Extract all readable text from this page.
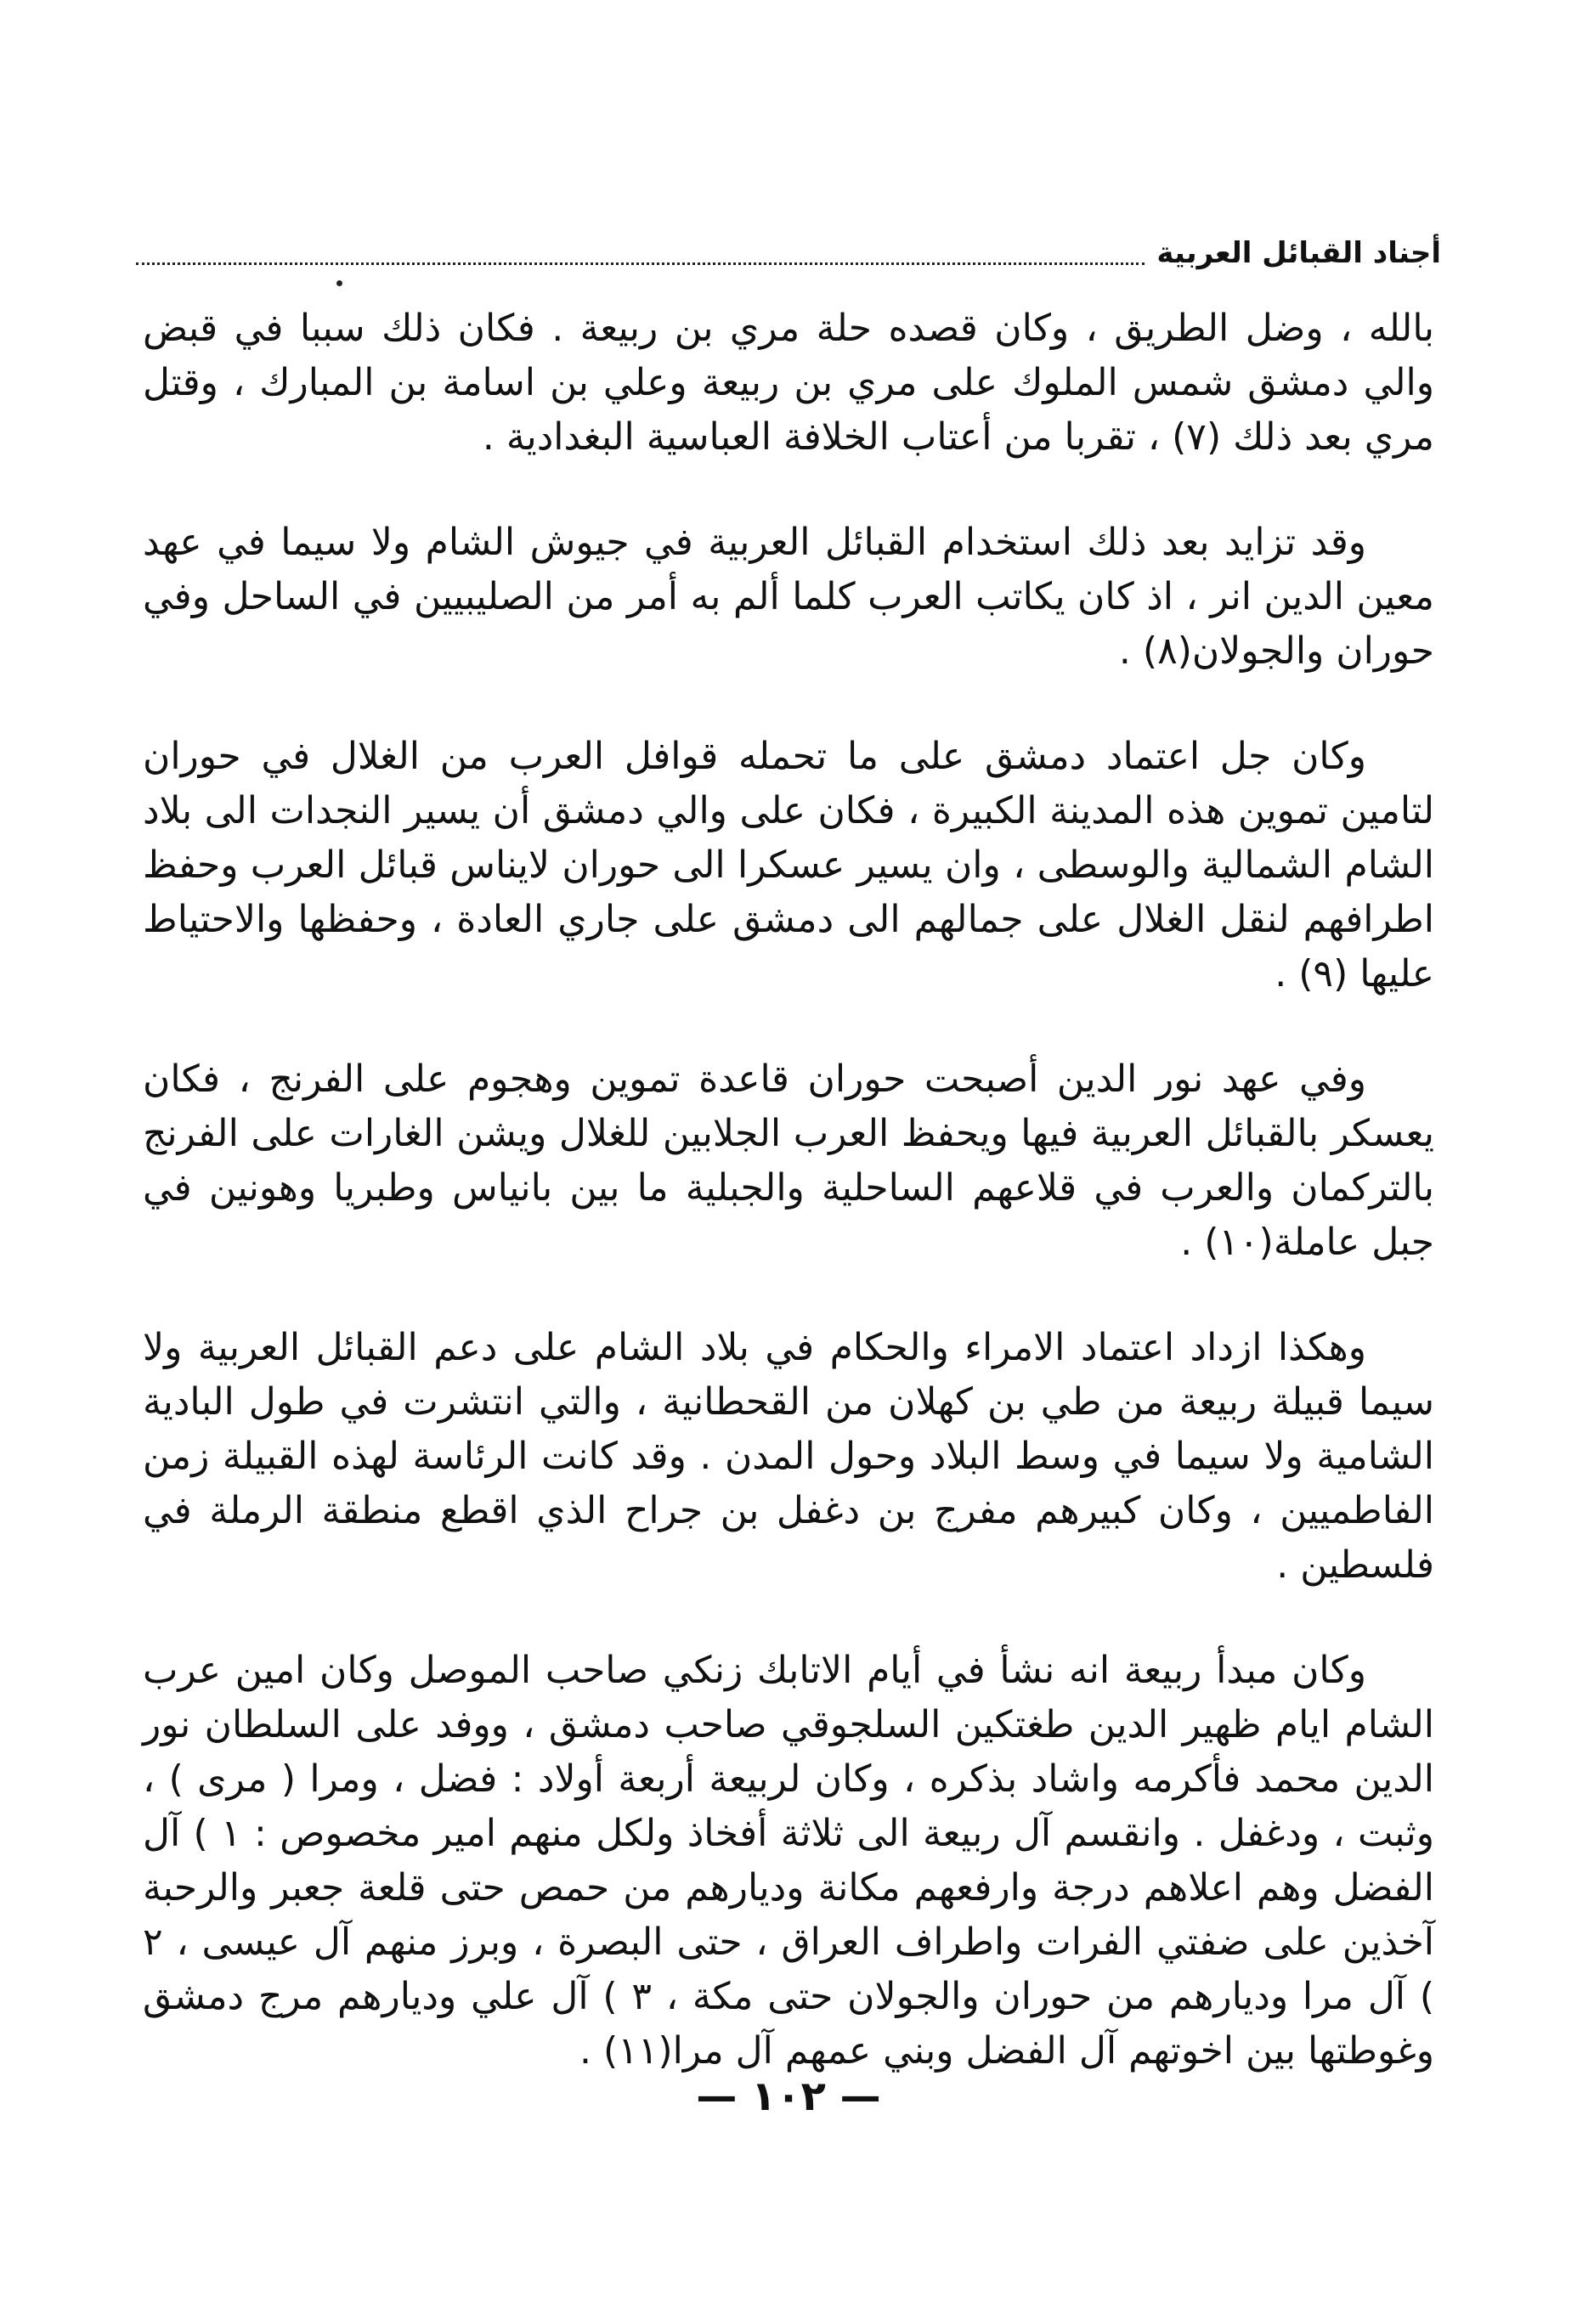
أجناد القبائل العربية

بالله ، وضل الطريق ، وكان قصده حلة مري بن ربيعة . فكان ذلك سببا في قبض والي دمشق شمس الملوك على مري بن ربيعة وعلي بن اسامة بن المبارك ، وقتل مري بعد ذلك (٧) ، تقربا من أعتاب الخلافة العباسية البغدادية .

وقد تزايد بعد ذلك استخدام القبائل العربية في جيوش الشام ولا سيما في عهد معين الدين انر ، اذ كان يكاتب العرب كلما ألم به أمر من الصليبيين في الساحل وفي حوران والجولان(٨) .

وكان جل اعتماد دمشق على ما تحمله قوافل العرب من الغلال في حوران لتامين تموين هذه المدينة الكبيرة ، فكان على والي دمشق أن يسير النجدات الى بلاد الشام الشمالية والوسطى ، وان يسير عسكرا الى حوران لايناس قبائل العرب وحفظ اطرافهم لنقل الغلال على جمالهم الى دمشق على جاري العادة ، وحفظها والاحتياط عليها (٩) .

وفي عهد نور الدين أصبحت حوران قاعدة تموين وهجوم على الفرنج ، فكان يعسكر بالقبائل العربية فيها ويحفظ العرب الجلابين للغلال ويشن الغارات على الفرنج بالتركمان والعرب في قلاعهم الساحلية والجبلية ما بين بانياس وطبريا وهونين في جبل عاملة(١٠) .

وهكذا ازداد اعتماد الامراء والحكام في بلاد الشام على دعم القبائل العربية ولا سيما قبيلة ربيعة من طي بن كهلان من القحطانية ، والتي انتشرت في طول البادية الشامية ولا سيما في وسط البلاد وحول المدن . وقد كانت الرئاسة لهذه القبيلة زمن الفاطميين ، وكان كبيرهم مفرج بن دغفل بن جراح الذي اقطع منطقة الرملة في فلسطين .

وكان مبدأ ربيعة انه نشأ في أيام الاتابك زنكي صاحب الموصل وكان امين عرب الشام ايام ظهير الدين طغتكين السلجوقي صاحب دمشق ، ووفد على السلطان نور الدين محمد فأكرمه واشاد بذكره ، وكان لربيعة أربعة أولاد : فضل ، ومرا ( مرى ) ، وثبت ، ودغفل . وانقسم آل ربيعة الى ثلاثة أفخاذ ولكل منهم امير مخصوص : ١ ) آل الفضل وهم اعلاهم درجة وارفعهم مكانة وديارهم من حمص حتى قلعة جعبر والرحبة آخذين على ضفتي الفرات واطراف العراق ، حتى البصرة ، وبرز منهم آل عيسى ، ٢ ) آل مرا وديارهم من حوران والجولان حتى مكة ، ٣ ) آل علي وديارهم مرج دمشق وغوطتها بين اخوتهم آل الفضل وبني عمهم آل مرا(١١) .

— ١٠٢ —
